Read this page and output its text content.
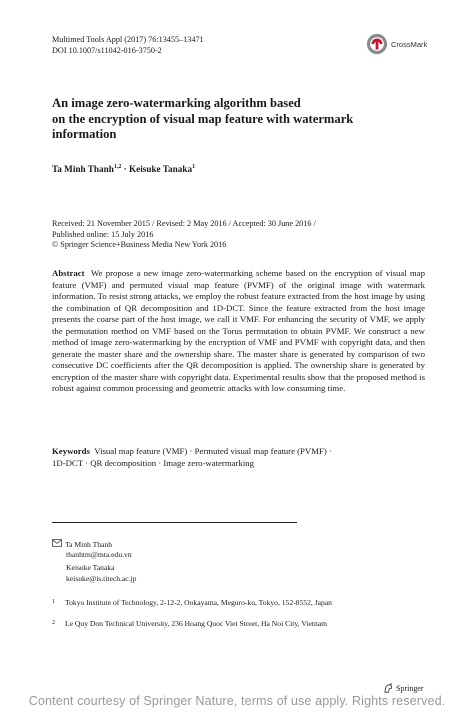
Multimed Tools Appl (2017) 76:13455–13471
DOI 10.1007/s11042-016-3750-2
CrossMark
An image zero-watermarking algorithm based
on the encryption of visual map feature with watermark
information
Ta Minh Thanh$^{1,2}$ · Keisuke Tanaka$^1$
Received: 21 November 2015 / Revised: 2 May 2016 / Accepted: 30 June 2016 /
Published online: 15 July 2016
© Springer Science+Business Media New York 2016
Abstract We propose a new image zero-watermarking scheme based on the encryption of visual map feature (VMF) and permuted visual map feature (PVMF) of the original image with watermark information. To resist strong attacks, we employ the robust feature extracted from the host image by using the combination of QR decomposition and 1D-DCT. Since the feature extracted from the host image presents the coarse part of the host image, we call it VMF. For enhancing the security of VMF, we apply the permutation method on VMF based on the Torus permutation to obtain PVMF. We construct a new method of image zero-watermarking by the encryption of VMF and PVMF with copyright data, and then generate the master share and the ownership share. The master share is generated by comparison of two consecutive DC coefficients after the QR decomposition is applied. The ownership share is generated by encryption of the master share with copyright data. Experimental results show that the proposed method is robust against common processing and geometric attacks with low consuming time.
Keywords Visual map feature (VMF) · Permuted visual map feature (PVMF) ·
1D-DCT · QR decomposition · Image zero-watermarking
Ta Minh Thanh
thanhtm@mta.edu.vn
Keisuke Tanaka
keisuke@is.titech.ac.jp
1 Tokyo Institute of Technology, 2-12-2, Ookayama, Meguro-ku, Tokyo, 152-8552, Japan
2 Le Quy Don Technical University, 236 Hoang Quoc Viet Street, Ha Noi City, Vietnam
Springer
Content courtesy of Springer Nature, terms of use apply. Rights reserved.
